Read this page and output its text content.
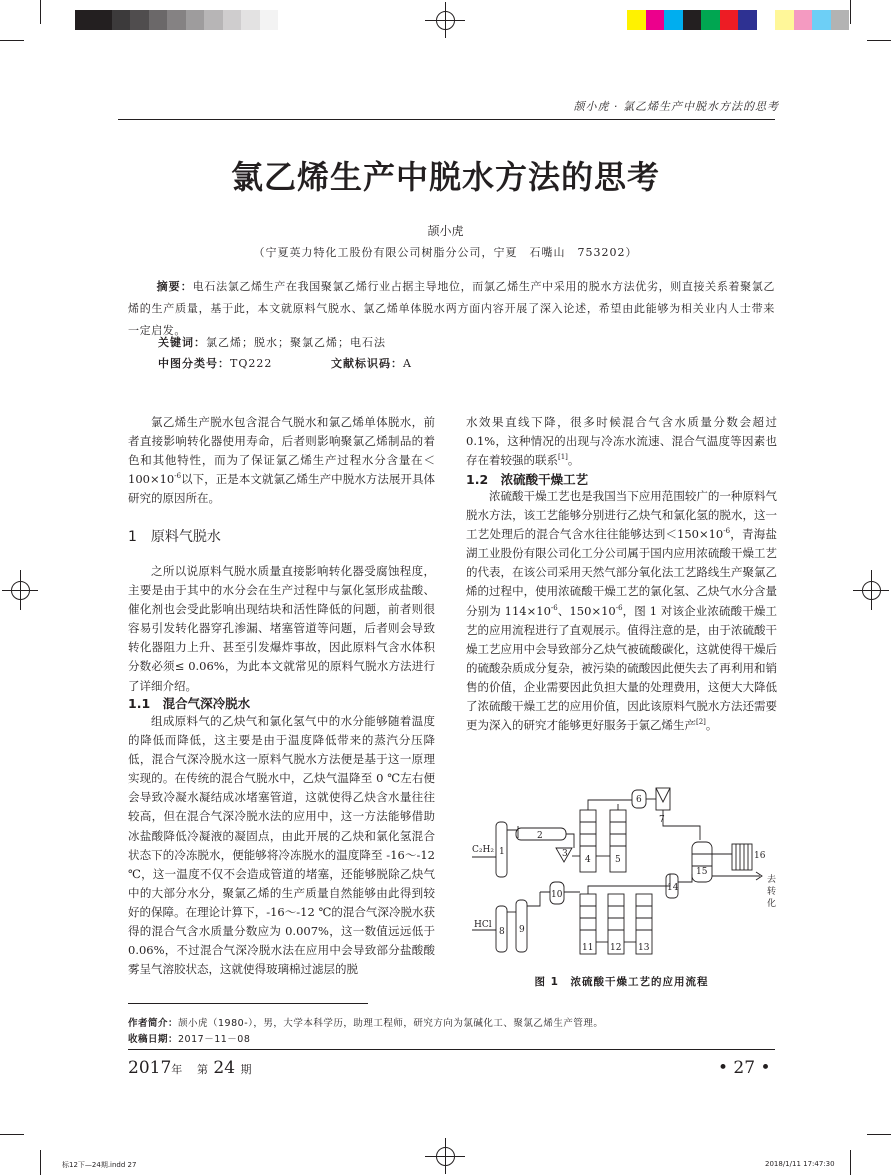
颉小虎 · 氯乙烯生产中脱水方法的思考
氯乙烯生产中脱水方法的思考
颉小虎
（宁夏英力特化工股份有限公司树脂分公司，宁夏　石嘴山　753202）
摘要：电石法氯乙烯生产在我国聚氯乙烯行业占据主导地位，而氯乙烯生产中采用的脱水方法优劣，则直接关系着聚氯乙烯的生产质量，基于此，本文就原料气脱水、氯乙烯单体脱水两方面内容开展了深入论述，希望由此能够为相关业内人士带来一定启发。
关键词：氯乙烯；脱水；聚氯乙烯；电石法
中图分类号：TQ222	文献标识码：A

氯乙烯生产脱水包含混合气脱水和氯乙烯单体脱水，前者直接影响转化器使用寿命，后者则影响聚氯乙烯制品的着色和其他特性，而为了保证氯乙烯生产过程水分含量在$<100\times 10^{-6}$以下，正是本文就氯乙烯生产中脱水方法展开具体研究的原因所在。

1　原料气脱水

之所以说原料气脱水质量直接影响转化器受腐蚀程度，主要是由于其中的水分会在生产过程中与氯化氢形成盐酸、催化剂也会受此影响出现结块和活性降低的问题，前者则很容易引发转化器穿孔渗漏、堵塞管道等问题，后者则会导致转化器阻力上升、甚至引发爆炸事故，因此原料气含水体积分数必须≤ 0.06%，为此本文就常见的原料气脱水方法进行了详细介绍。

1.1　混合气深冷脱水

组成原料气的乙炔气和氯化氢气中的水分能够随着温度的降低而降低，这主要是由于温度降低带来的蒸汽分压降低，混合气深冷脱水这一原料气脱水方法便是基于这一原理实现的。在传统的混合气脱水中，乙炔气温降至 0 ℃左右便会导致冷凝水凝结成冰堵塞管道，这就使得乙炔含水量往往较高，但在混合气深冷脱水法的应用中，这一方法能够借助冰盐酸降低冷凝液的凝固点，由此开展的乙炔和氯化氢混合状态下的冷冻脱水，便能够将冷冻脱水的温度降至 -16～-12 ℃，这一温度不仅不会造成管道的堵塞，还能够脱除乙炔气中的大部分水分，聚氯乙烯的生产质量自然能够由此得到较好的保障。在理论计算下，-16～-12 ℃的混合气深冷脱水获得的混合气含水质量分数应为 0.007%，这一数值远远低于 0.06%，不过混合气深冷脱水法在应用中会导致部分盐酸酸雾呈气溶胶状态，这就使得玻璃棉过滤层的脱

水效果直线下降，很多时候混合气含水质量分数会超过 0.1%，这种情况的出现与冷冻水流速、混合气温度等因素也存在着较强的联系[1]。

1.2　浓硫酸干燥工艺

浓硫酸干燥工艺也是我国当下应用范围较广的一种原料气脱水方法，该工艺能够分别进行乙炔气和氯化氢的脱水，这一工艺处理后的混合气含水往往能够达到$<150\times 10^{-6}$，青海盐湖工业股份有限公司化工分公司属于国内应用浓硫酸干燥工艺的代表，在该公司采用天然气部分氧化法工艺路线生产聚氯乙烯的过程中，使用浓硫酸干燥工艺的氯化氢、乙炔气水分含量分别为 $114\times 10^{-6}$、$150\times 10^{-6}$，图 1 对该企业浓硫酸干燥工艺的应用流程进行了直观展示。值得注意的是，由于浓硫酸干燥工艺应用中会导致部分乙炔气被硫酸碳化，这就使得干燥后的硫酸杂质成分复杂，被污染的硫酸因此便失去了再利用和销售的价值，企业需要因此负担大量的处理费用，这便大大降低了浓硫酸干燥工艺的应用价值，因此该原料气脱水方法还需要更为深入的研究才能够更好服务于氯乙烯生产[2]。

C₂H₂
HCl
去
转
化
1
2
3
4	5
6
7
8 9
10
11 12 13
14
15
16
图 1　浓硫酸干燥工艺的应用流程
作者简介：颉小虎（1980-），男，大学本科学历，助理工程师，研究方向为氯碱化工、聚氯乙烯生产管理。
收稿日期：2017－11－08
2017年 第 24 期	• 27 •
标12下—24期.indd 27	2018/1/11 17:47:30
